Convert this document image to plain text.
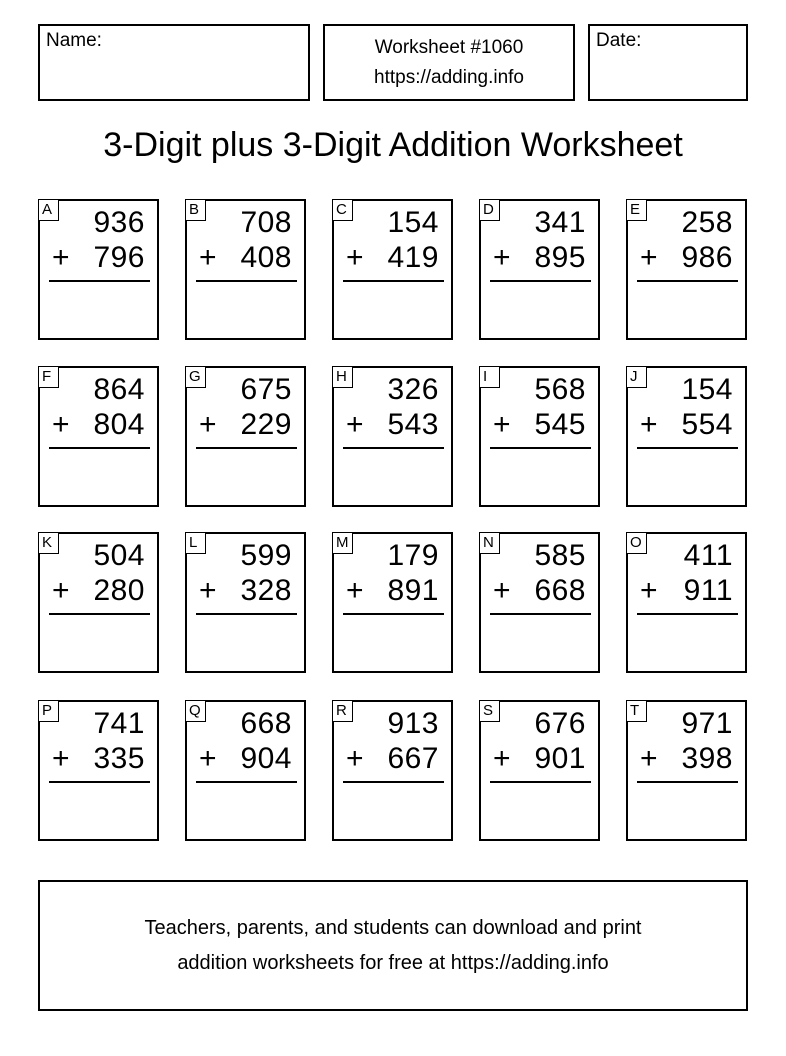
Name:	Worksheet #1060
https://adding.info
Date:
3-Digit plus 3-Digit Addition Worksheet
A 936
+ 796
B 708
+ 408
C 154
+ 419
D 341
+ 895
E 258
+ 986
F 864
+ 804
G 675
+ 229
H 326
+ 543
I	568
+ 545
J	154
+ 554
K 504
+ 280
L 599
+ 328
M 179
+ 891
N 585
+ 668
O 411
+ 911
P 741
+ 335
Q 668
+ 904
R 913
+ 667
S 676
+ 901
T 971
+ 398
Teachers, parents, and students can download and print
addition worksheets for free at https://adding.info
